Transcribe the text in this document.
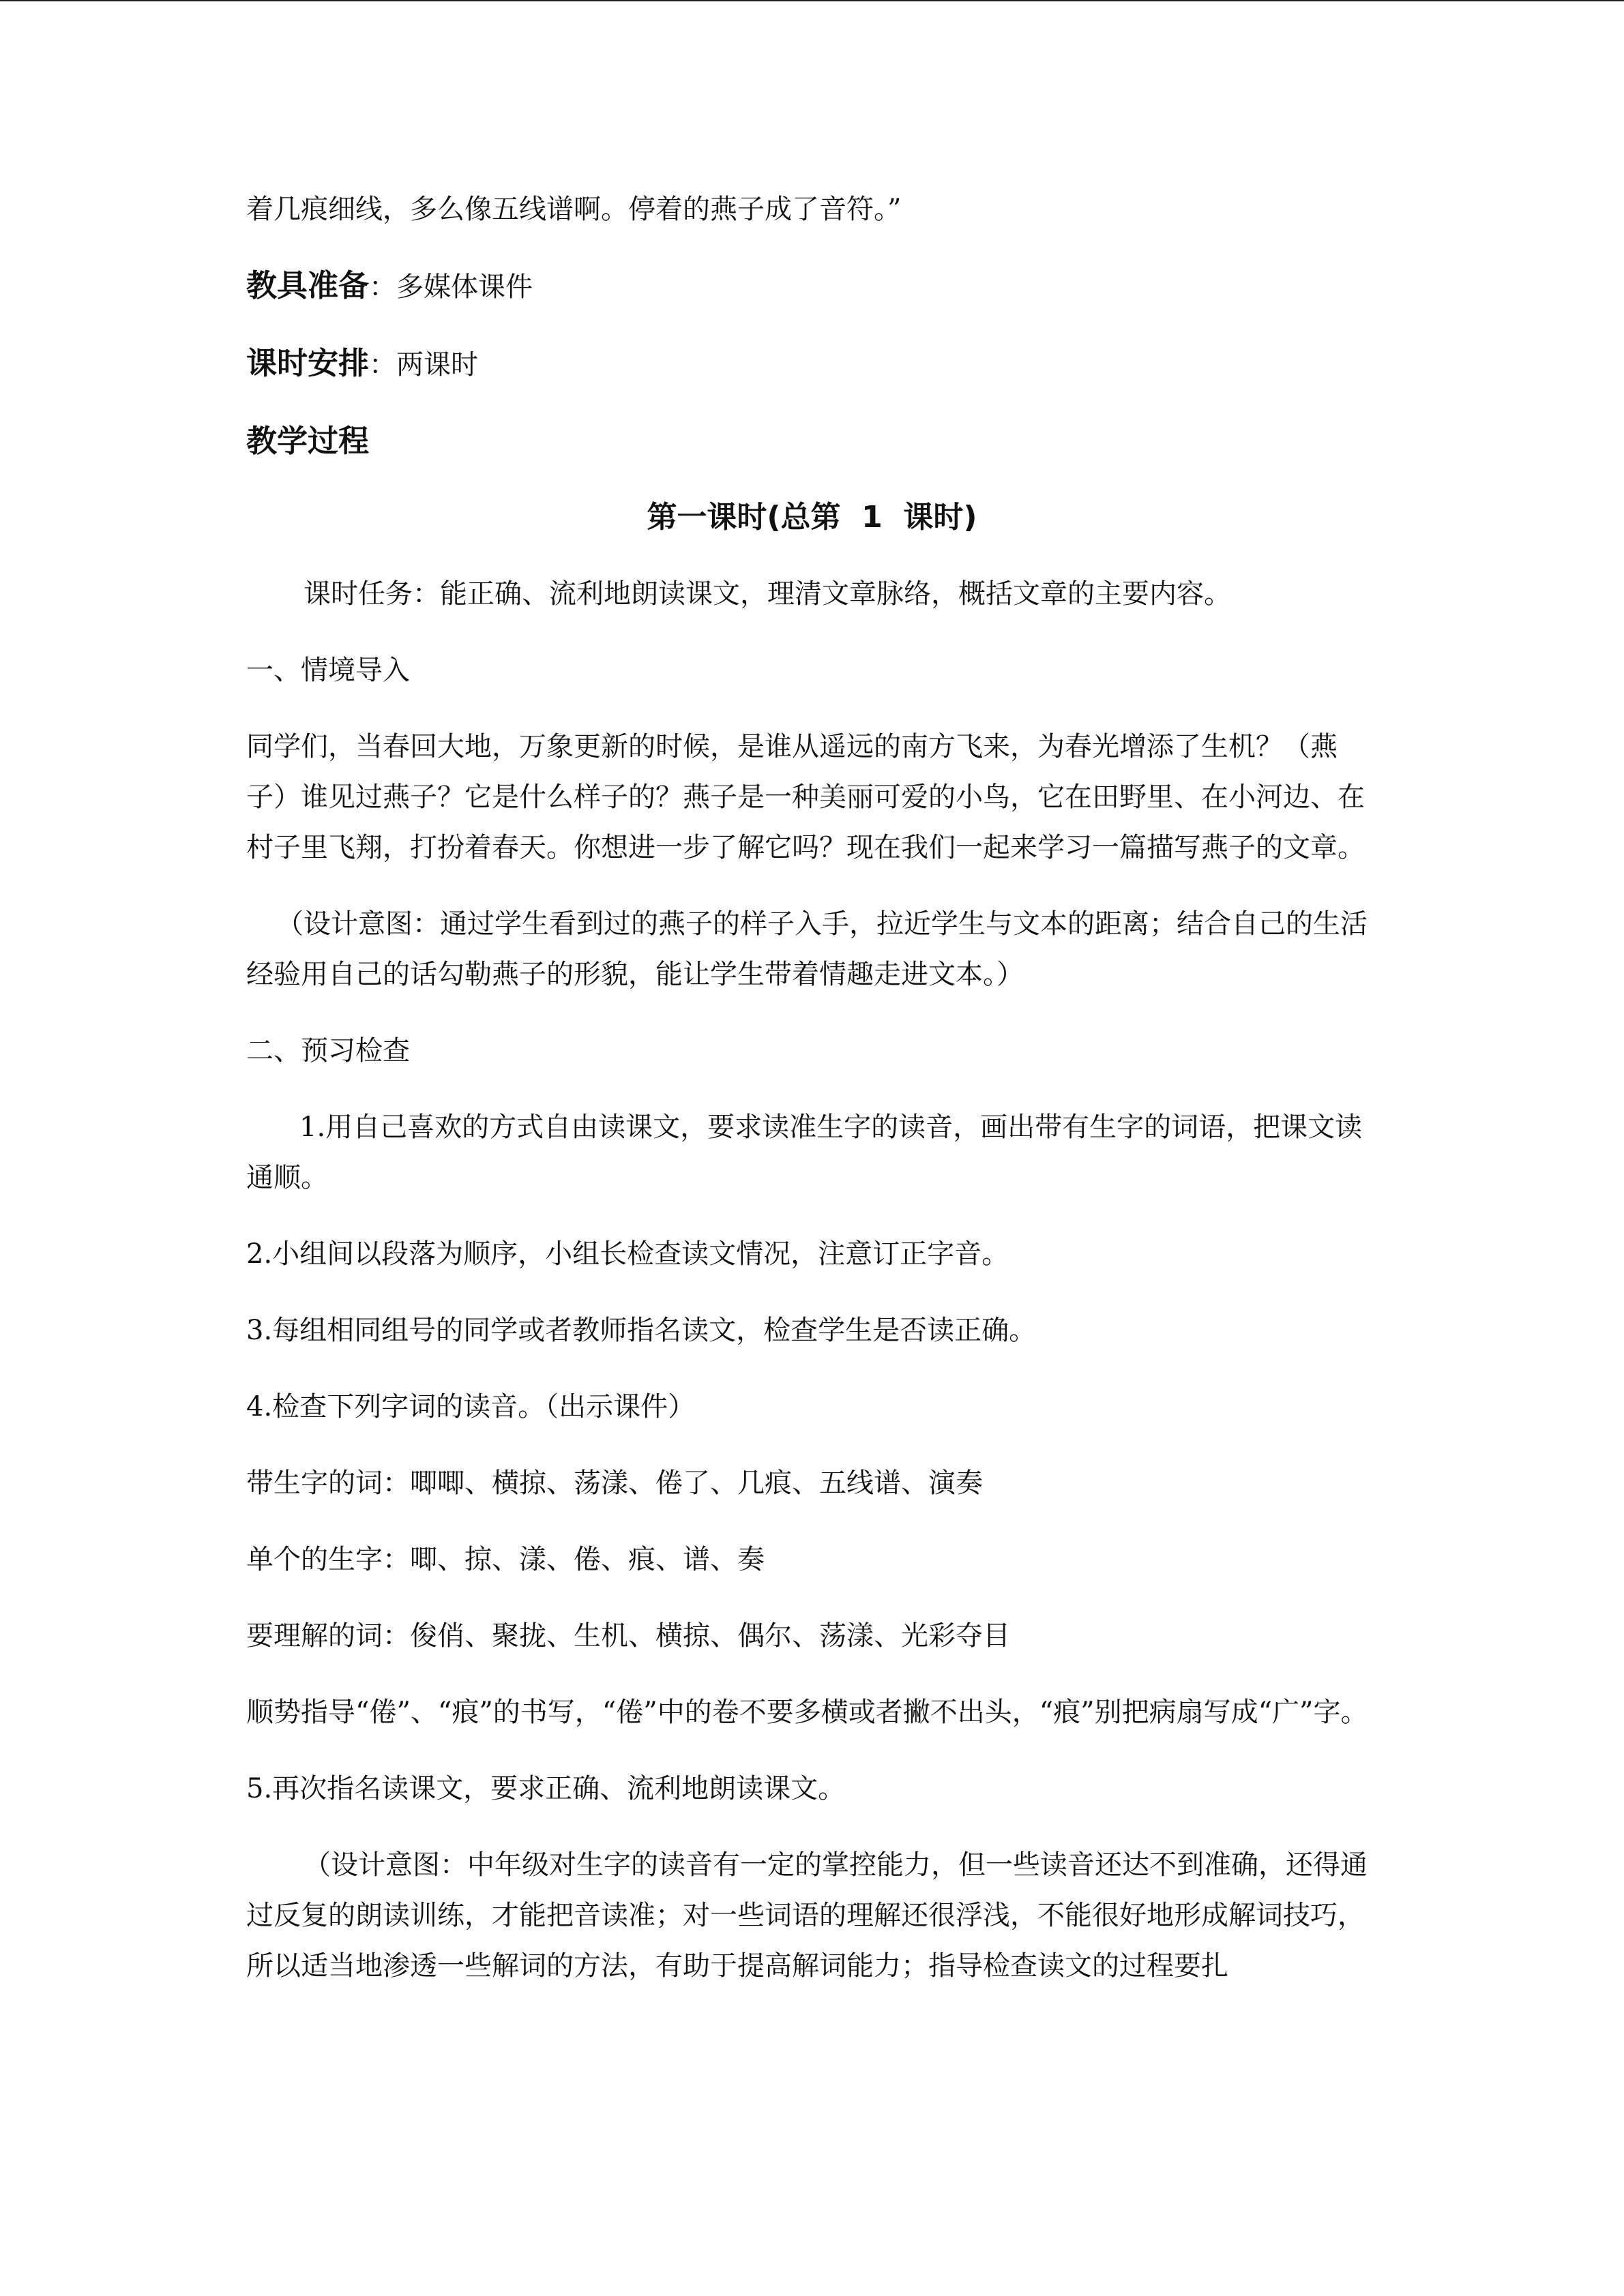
着几痕细线，多么像五线谱啊。停着的燕子成了音符。”

教具准备：多媒体课件

课时安排：两课时

教学过程

第一课时(总第  1  课时)

课时任务：能正确、流利地朗读课文，理清文章脉络，概括文章的主要内容。

一、情境导入

同学们，当春回大地，万象更新的时候，是谁从遥远的南方飞来，为春光增添了生机？（燕子）谁见过燕子？它是什么样子的？燕子是一种美丽可爱的小鸟，它在田野里、在小河边、在村子里飞翔，打扮着春天。你想进一步了解它吗？现在我们一起来学习一篇描写燕子的文章。

（设计意图：通过学生看到过的燕子的样子入手，拉近学生与文本的距离；结合自己的生活经验用自己的话勾勒燕子的形貌，能让学生带着情趣走进文本。）

二、预习检查

1.用自己喜欢的方式自由读课文，要求读准生字的读音，画出带有生字的词语，把课文读通顺。

2.小组间以段落为顺序，小组长检查读文情况，注意订正字音。

3.每组相同组号的同学或者教师指名读文，检查学生是否读正确。

4.检查下列字词的读音。（出示课件）

带生字的词：唧唧、横掠、荡漾、倦了、几痕、五线谱、演奏

单个的生字：唧、掠、漾、倦、痕、谱、奏

要理解的词：俊俏、聚拢、生机、横掠、偶尔、荡漾、光彩夺目

顺势指导“倦”、“痕”的书写，“倦”中的卷不要多横或者撇不出头，“痕”别把病扇写成“广”字。

5.再次指名读课文，要求正确、流利地朗读课文。

（设计意图：中年级对生字的读音有一定的掌控能力，但一些读音还达不到准确，还得通过反复的朗读训练，才能把音读准；对一些词语的理解还很浮浅，不能很好地形成解词技巧，所以适当地渗透一些解词的方法，有助于提高解词能力；指导检查读文的过程要扎
